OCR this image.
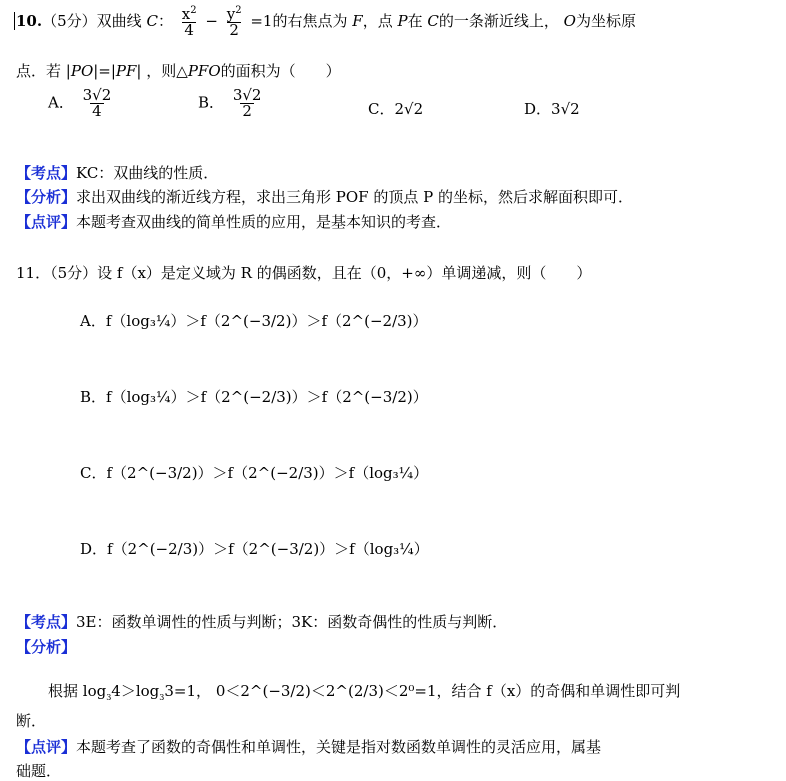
10.（5分）双曲线 C： $\frac{x^2}{4} - \frac{y^2}{2} =1$的右焦点为 F，点 P在 C的一条渐近线上， O为坐标原
点．若 |PO|=|PF| ，则△PFO的面积为（　　）
A． $\frac{3√2}{4}$	B． $\frac{3√2}{2}$	C．2√2	D．3√2
【考点】KC：双曲线的性质．
【分析】求出双曲线的渐近线方程，求出三角形 POF 的顶点 P 的坐标，然后求解面积即可．
【点评】本题考查双曲线的简单性质的应用，是基本知识的考查．
11．（5分）设 f（x）是定义域为 R 的偶函数，且在（0，+∞）单调递减，则（　　）
A．f（log₃¼）＞f（2^(−3/2)）＞f（2^(−2/3)）
B．f（log₃¼）＞f（2^(−2/3)）＞f（2^(−3/2)）
C．f（2^(−3/2)）＞f（2^(−2/3)）＞f（log₃¼）
D．f（2^(−2/3)）＞f（2^(−3/2)）＞f（log₃¼）
【考点】3E：函数单调性的性质与判断；3K：函数奇偶性的性质与判断．
【分析】
根据 $\log_34>\log_33=1$， 0＜2^(−3/2)＜2^(2/3)＜2⁰=1，结合 f（x）的奇偶和单调性即可判
断．
【点评】本题考查了函数的奇偶性和单调性，关键是指对数函数单调性的灵活应用，属基
础题．
